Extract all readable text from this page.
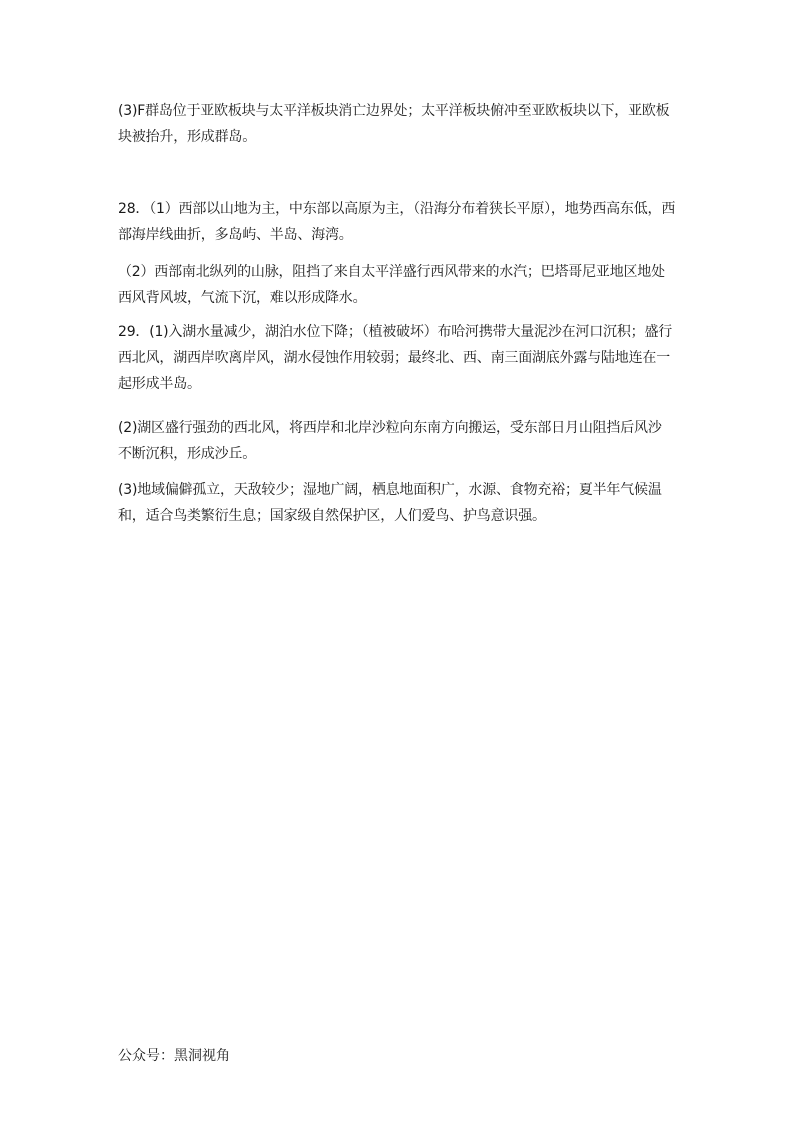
(3)F群岛位于亚欧板块与太平洋板块消亡边界处；太平洋板块俯冲至亚欧板块以下，亚欧板
块被抬升，形成群岛。
28．（1）西部以山地为主，中东部以高原为主，（沿海分布着狭长平原），地势西高东低，西
部海岸线曲折，多岛屿、半岛、海湾。
（2）西部南北纵列的山脉，阻挡了来自太平洋盛行西风带来的水汽；巴塔哥尼亚地区地处
西风背风坡，气流下沉，难以形成降水。
29．(1)入湖水量减少，湖泊水位下降；（植被破坏）布哈河携带大量泥沙在河口沉积；盛行
西北风，湖西岸吹离岸风，湖水侵蚀作用较弱；最终北、西、南三面湖底外露与陆地连在一
起形成半岛。
(2)湖区盛行强劲的西北风，将西岸和北岸沙粒向东南方向搬运，受东部日月山阻挡后风沙
不断沉积，形成沙丘。
(3)地域偏僻孤立，天敌较少；湿地广阔，栖息地面积广，水源、食物充裕；夏半年气候温
和，适合鸟类繁衍生息；国家级自然保护区，人们爱鸟、护鸟意识强。
公众号：黑洞视角
